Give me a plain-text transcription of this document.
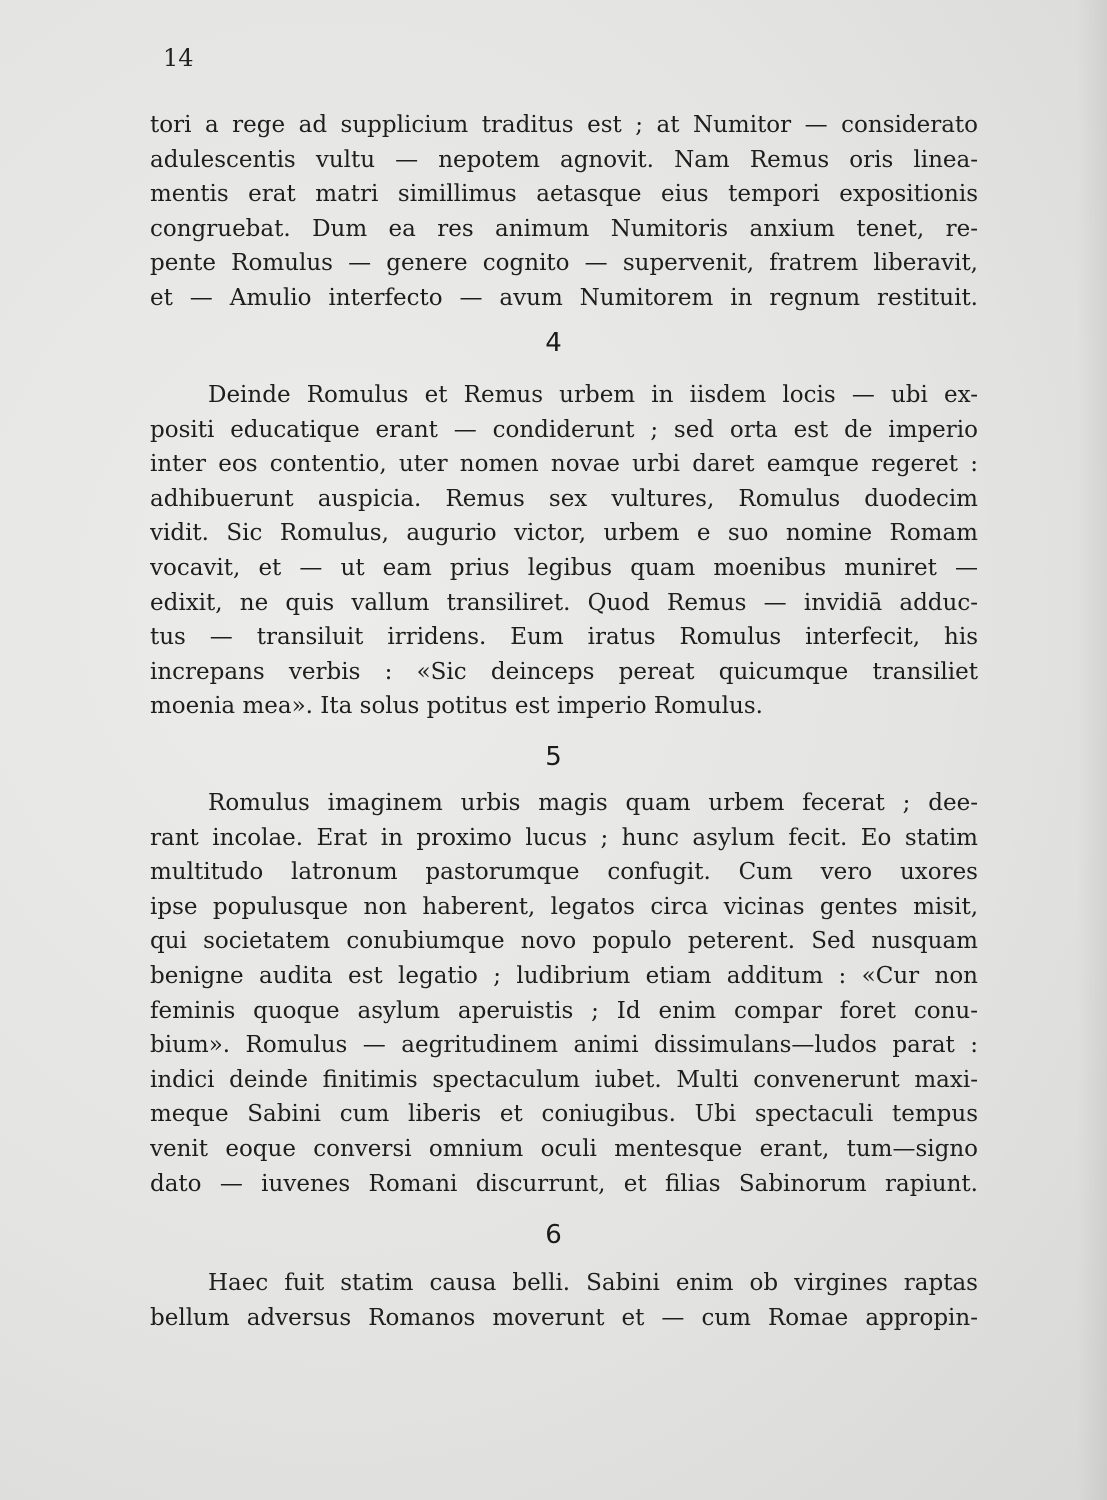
14
tori a rege ad supplicium traditus est ; at Numitor — considerato
adulescentis vultu — nepotem agnovit. Nam Remus oris linea-
mentis erat matri simillimus aetasque eius tempori expositionis
congruebat. Dum ea res animum Numitoris anxium tenet, re-
pente Romulus — genere cognito — supervenit, fratrem liberavit,
et — Amulio interfecto — avum Numitorem in regnum restituit.
4
Deinde Romulus et Remus urbem in iisdem locis — ubi ex-
positi educatique erant — condiderunt ; sed orta est de imperio
inter eos contentio, uter nomen novae urbi daret eamque regeret :
adhibuerunt auspicia. Remus sex vultures, Romulus duodecim
vidit. Sic Romulus, augurio victor, urbem e suo nomine Romam
vocavit, et — ut eam prius legibus quam moenibus muniret —
edixit, ne quis vallum transiliret. Quod Remus — invidiā adduc-
tus — transiluit irridens. Eum iratus Romulus interfecit, his
increpans verbis : «Sic deinceps pereat quicumque transiliet
moenia mea». Ita solus potitus est imperio Romulus.
5
Romulus imaginem urbis magis quam urbem fecerat ; dee-
rant incolae. Erat in proximo lucus ; hunc asylum fecit. Eo statim
multitudo latronum pastorumque confugit. Cum vero uxores
ipse populusque non haberent, legatos circa vicinas gentes misit,
qui societatem conubiumque novo populo peterent. Sed nusquam
benigne audita est legatio ; ludibrium etiam additum : «Cur non
feminis quoque asylum aperuistis ; Id enim compar foret conu-
bium». Romulus — aegritudinem animi dissimulans—ludos parat :
indici deinde finitimis spectaculum iubet. Multi convenerunt maxi-
meque Sabini cum liberis et coniugibus. Ubi spectaculi tempus
venit eoque conversi omnium oculi mentesque erant, tum—signo
dato — iuvenes Romani discurrunt, et filias Sabinorum rapiunt.
6
Haec fuit statim causa belli. Sabini enim ob virgines raptas
bellum adversus Romanos moverunt et — cum Romae appropin-
